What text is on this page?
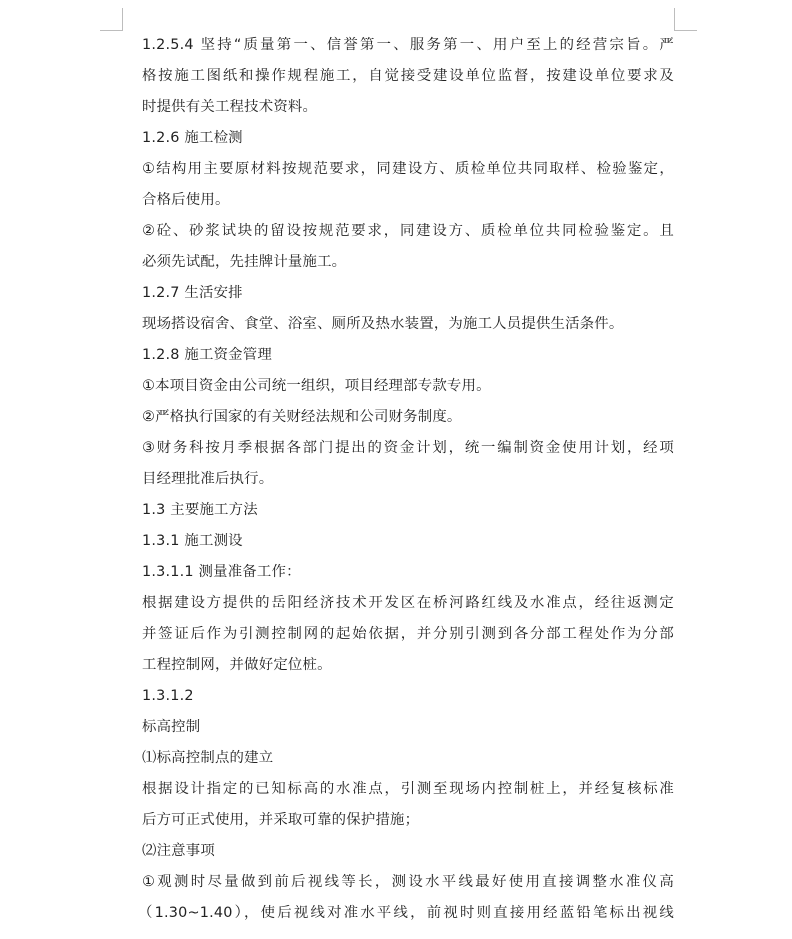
1.2.5.4 坚持“质量第一、信誉第一、服务第一、用户至上的经营宗旨。严
格按施工图纸和操作规程施工，自觉接受建设单位监督，按建设单位要求及
时提供有关工程技术资料。
1.2.6 施工检测
①结构用主要原材料按规范要求，同建设方、质检单位共同取样、检验鉴定，
合格后使用。
②砼、砂浆试块的留设按规范要求，同建设方、质检单位共同检验鉴定。且
必须先试配，先挂牌计量施工。
1.2.7 生活安排
现场搭设宿舍、食堂、浴室、厕所及热水装置，为施工人员提供生活条件。
1.2.8 施工资金管理
①本项目资金由公司统一组织，项目经理部专款专用。
②严格执行国家的有关财经法规和公司财务制度。
③财务科按月季根据各部门提出的资金计划，统一编制资金使用计划，经项
目经理批准后执行。
1.3 主要施工方法
1.3.1 施工测设
1.3.1.1 测量准备工作：
根据建设方提供的岳阳经济技术开发区在桥河路红线及水准点，经往返测定
并签证后作为引测控制网的起始依据，并分别引测到各分部工程处作为分部
工程控制网，并做好定位桩。
1.3.1.2
标高控制
⑴标高控制点的建立
根据设计指定的已知标高的水准点，引测至现场内控制桩上，并经复核标准
后方可正式使用，并采取可靠的保护措施；
⑵注意事项
①观测时尽量做到前后视线等长，测设水平线最好使用直接调整水准仪高
（1.30~1.40），使后视线对准水平线，前视时则直接用经蓝铅笔标出视线
